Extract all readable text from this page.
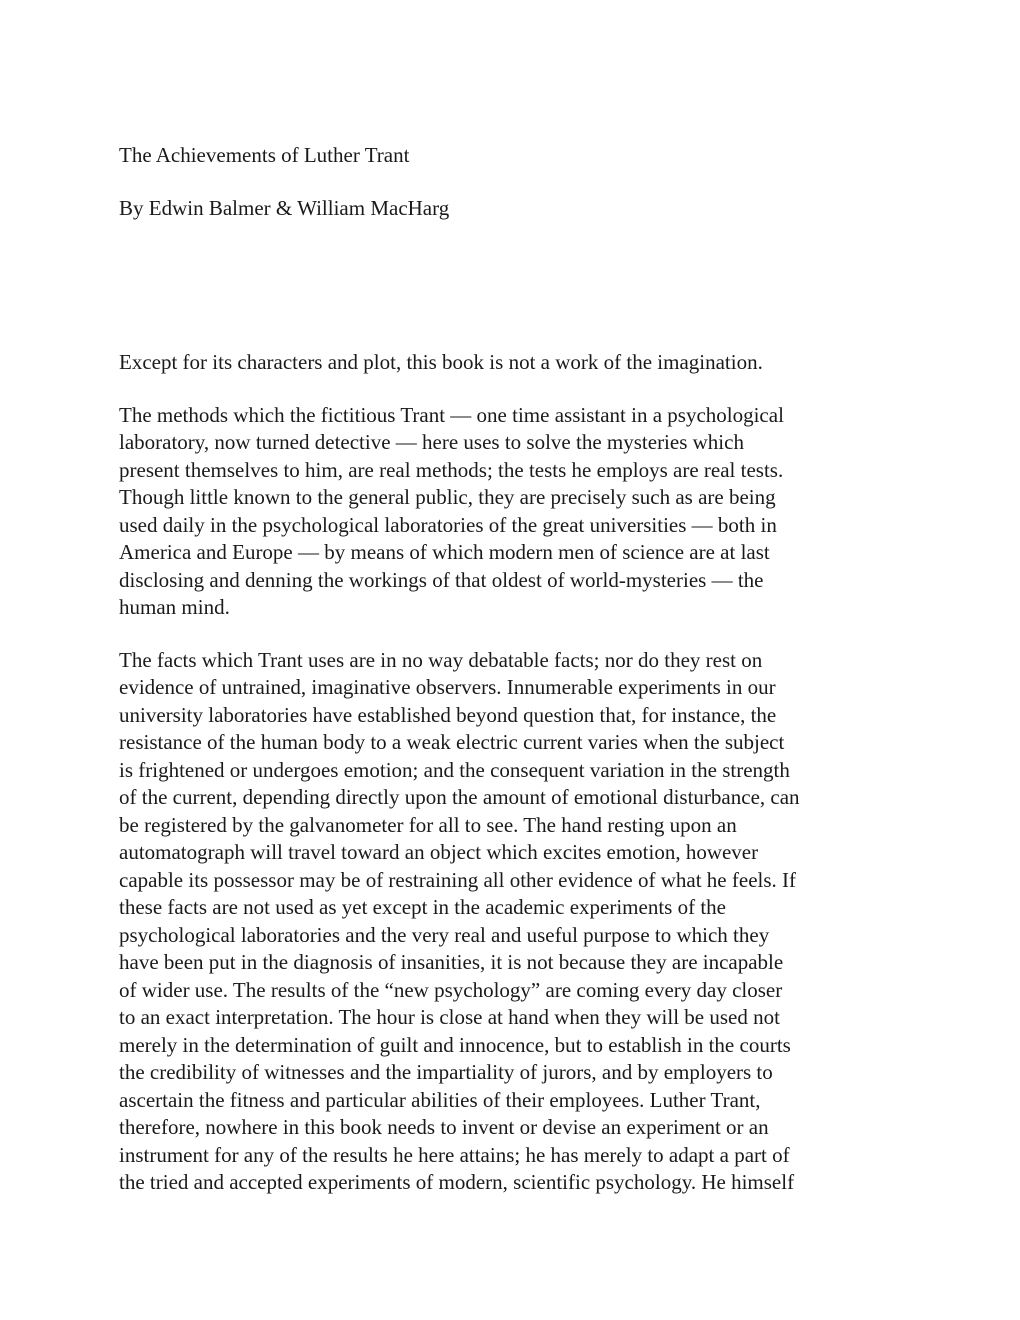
The Achievements of Luther Trant
By Edwin Balmer & William MacHarg
Except for its characters and plot, this book is not a work of the imagination.
The methods which the fictitious Trant — one time assistant in a psychological
laboratory, now turned detective — here uses to solve the mysteries which
present themselves to him, are real methods; the tests he employs are real tests.
Though little known to the general public, they are precisely such as are being
used daily in the psychological laboratories of the great universities — both in
America and Europe — by means of which modern men of science are at last
disclosing and denning the workings of that oldest of world-mysteries — the
human mind.
The facts which Trant uses are in no way debatable facts; nor do they rest on
evidence of untrained, imaginative observers. Innumerable experiments in our
university laboratories have established beyond question that, for instance, the
resistance of the human body to a weak electric current varies when the subject
is frightened or undergoes emotion; and the consequent variation in the strength
of the current, depending directly upon the amount of emotional disturbance, can
be registered by the galvanometer for all to see. The hand resting upon an
automatograph will travel toward an object which excites emotion, however
capable its possessor may be of restraining all other evidence of what he feels. If
these facts are not used as yet except in the academic experiments of the
psychological laboratories and the very real and useful purpose to which they
have been put in the diagnosis of insanities, it is not because they are incapable
of wider use. The results of the “new psychology” are coming every day closer
to an exact interpretation. The hour is close at hand when they will be used not
merely in the determination of guilt and innocence, but to establish in the courts
the credibility of witnesses and the impartiality of jurors, and by employers to
ascertain the fitness and particular abilities of their employees. Luther Trant,
therefore, nowhere in this book needs to invent or devise an experiment or an
instrument for any of the results he here attains; he has merely to adapt a part of
the tried and accepted experiments of modern, scientific psychology. He himself
